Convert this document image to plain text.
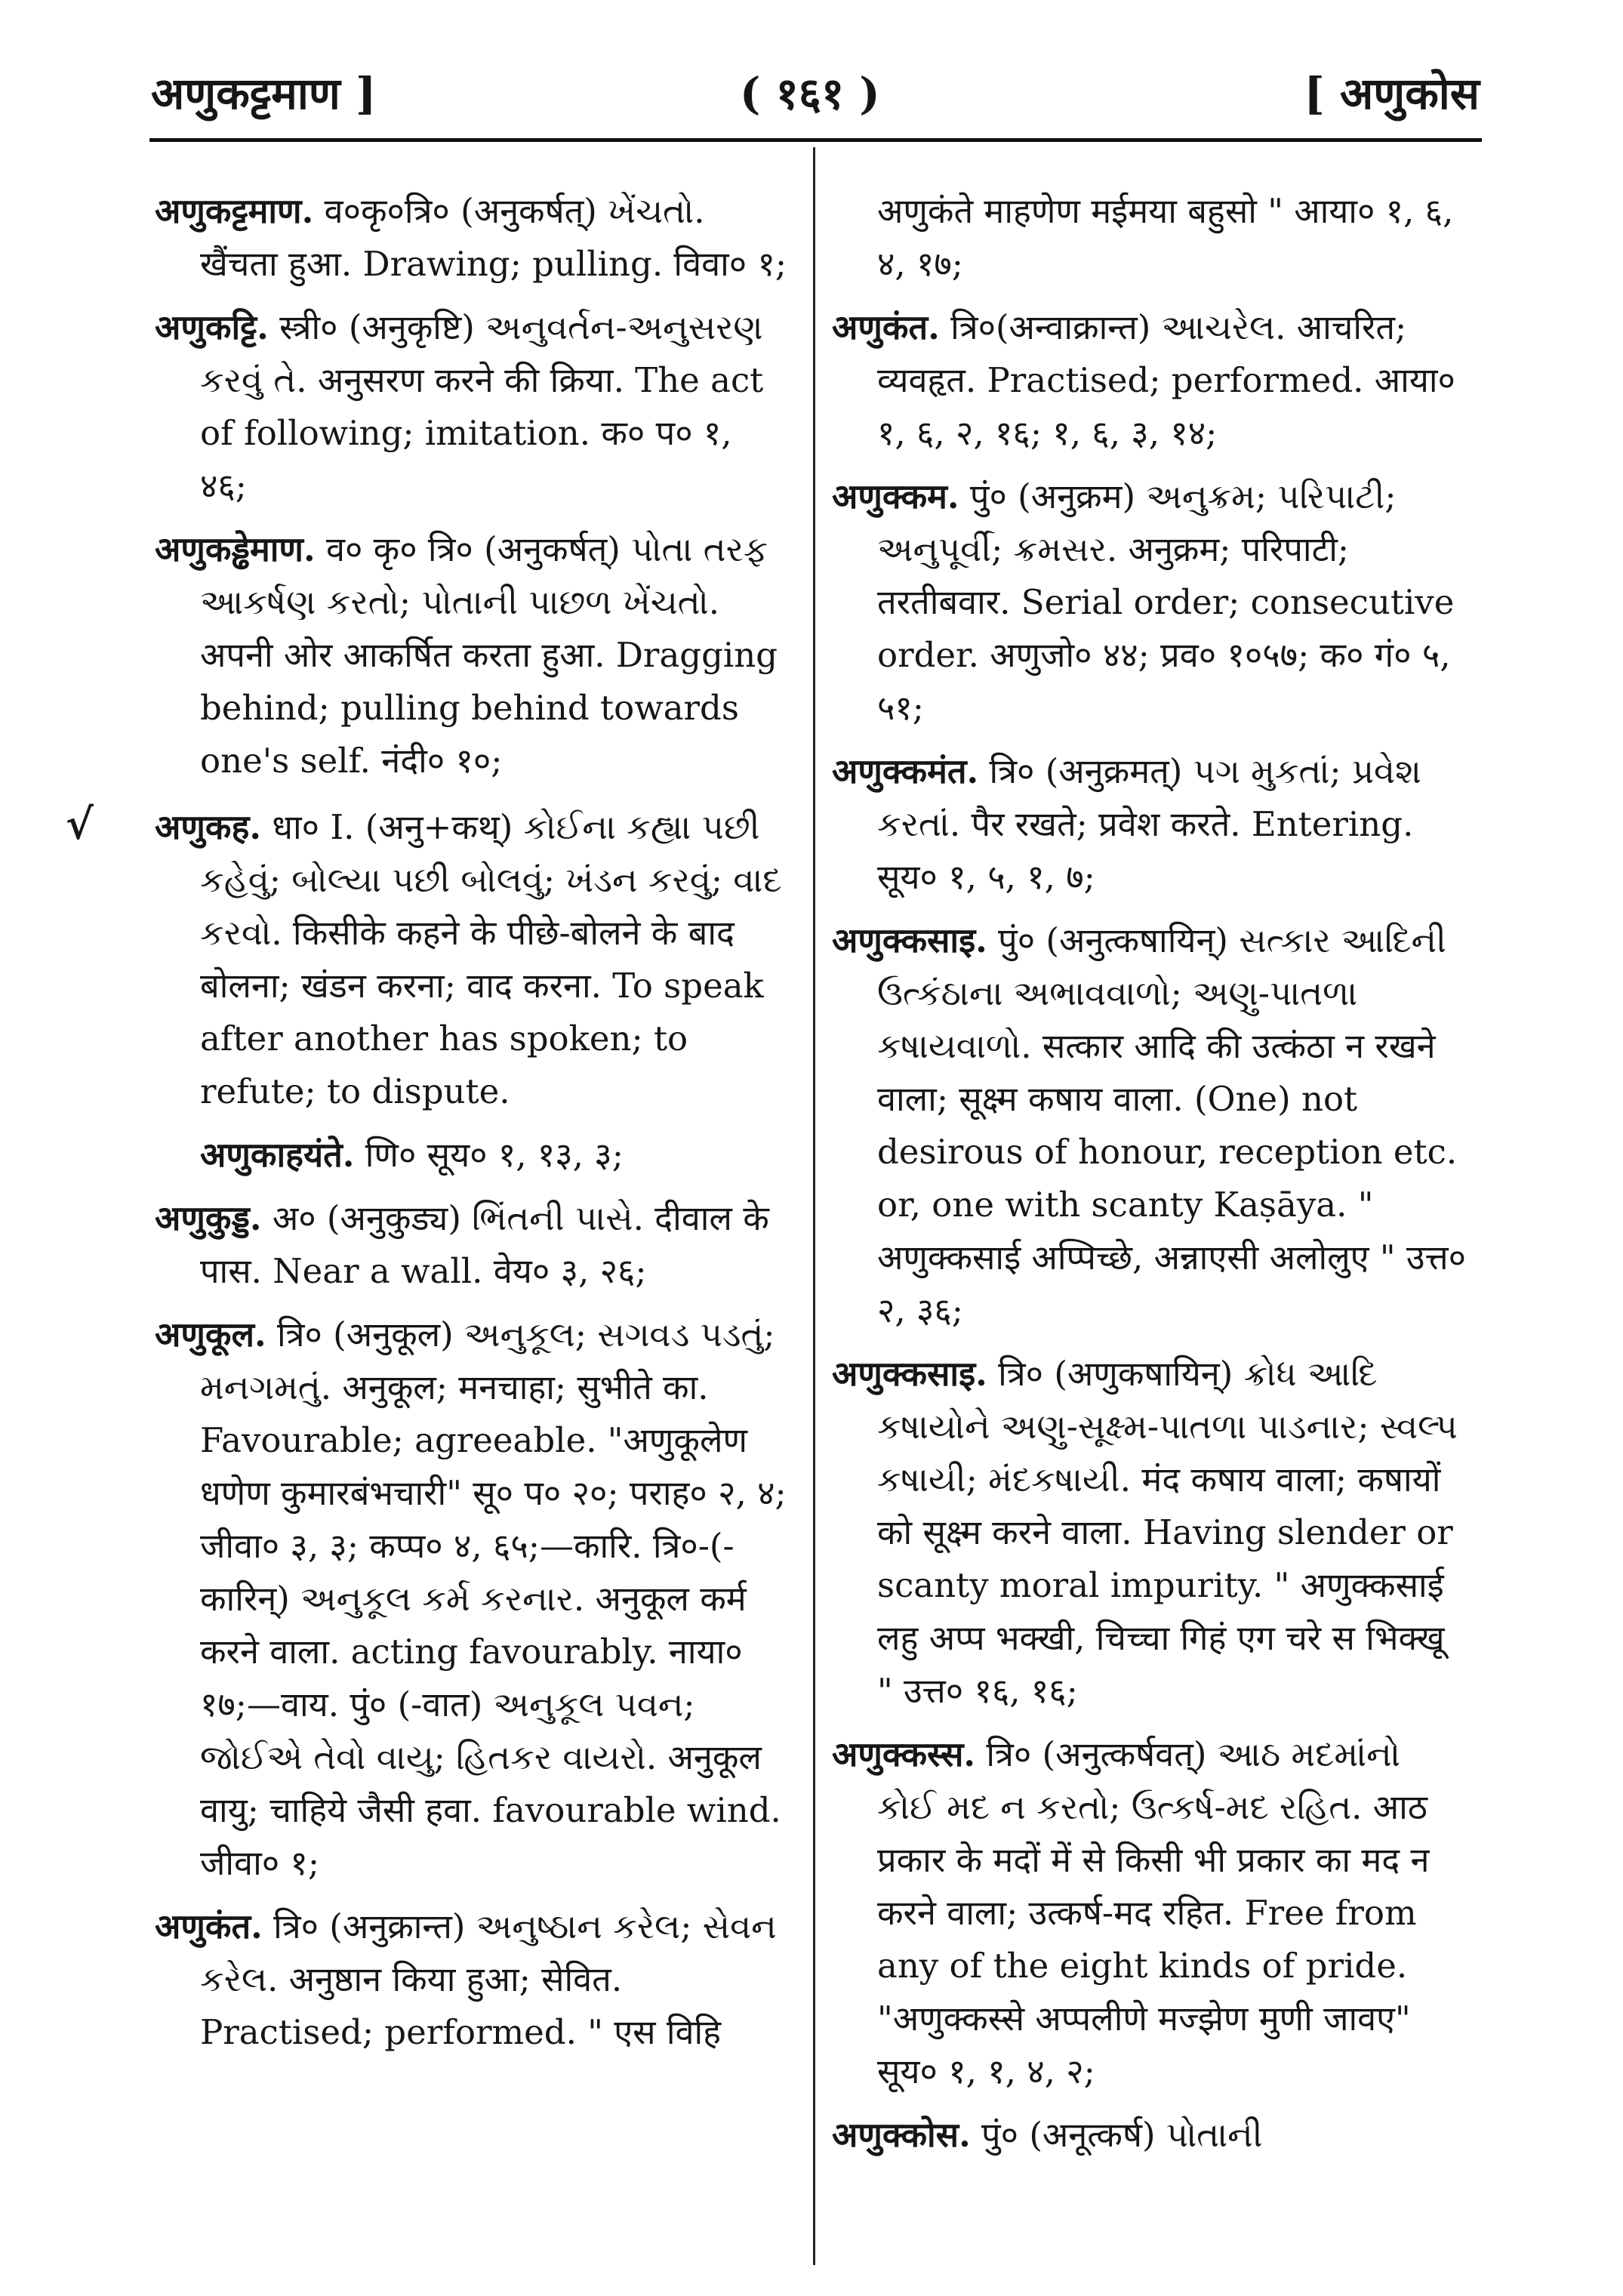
अणुकट्टमाण ]	( १६१ )	[ अणुकोस

अणुकट्टमाण. व०कृ०त्रि० (अनुकर्षत्) ખેંચતો. खैंचता हुआ. Drawing; pulling. विवा० १;

अणुकट्टि. स्त्री० (अनुकृष्टि) અનુવર્તન-અનુસરણ કરવું તે. अनुसरण करने की क्रिया. The act of following; imitation. क० प० १, ४६;

अणुकड्ढेमाण. व० कृ० त्रि० (अनुकर्षत्) પોતા તરફ આકર્ષણ કરતો; પોતાની પાછળ ખેંચતો. अपनी ओर आकर्षित करता हुआ. Dragging behind; pulling behind towards one's self. नंदी० १०;

√ अणुकह. धा० I. (अनु+कथ्) કોઈના કહ્યા પછી કહેવું; બોલ્યા પછી બોલવું; ખંડન કરવું; વાદ કરવો. किसीके कहने के पीछे-बोलने के बाद बोलना; खंडन करना; वाद करना. To speak after another has spoken; to refute; to dispute.

अणुकाहयंते. णि० सूय० १, १३, ३;

अणुकुड्ड. अ० (अनुकुड्य) ભિંતની પાસે. दीवाल के पास. Near a wall. वेय० ३, २६;

अणुकूल. त्रि० (अनुकूल) અનુકૂલ; સગવડ પડતું; મનગમતું. अनुकूल; मनचाहा; सुभीते का. Favourable; agreeable. "अणुकूलेण धणेण कुमारबंभचारी" सू० प० २०; पराह० २, ४; जीवा० ३, ३; कप्प० ४, ६५;—कारि. त्रि०-(-कारिन्) અનુકૂલ કર્મ કરનાર. अनुकूल कर्म करने वाला. acting favourably. नाया० १७;—वाय. पुं० (-वात) અનુકૂલ પવન; જોઈએ તેવો વાયુ; હિતકર વાયરો. अनुकूल वायु; चाहिये जैसी हवा. favourable wind. जीवा० १;

अणुकंत. त्रि० (अनुक्रान्त) અનુષ્ઠાન કરેલ; સેવન કરેલ. अनुष्ठान किया हुआ; सेवित. Practised; performed. " एस विहि

अणुकंते माहणेण मईमया बहुसो " आया० १, ६, ४, १७;

अणुकंत. त्रि०(अन्वाक्रान्त) આચરેલ. आचरित; व्यवहृत. Practised; performed. आया० १, ६, २, १६; १, ६, ३, १४;

अणुक्कम. पुं० (अनुक्रम) અનુક્રમ; પરિપાટી; અનુપૂર્વી; ક્રમસર. अनुक्रम; परिपाटी; तरतीबवार. Serial order; consecutive order. अणुजो० ४४; प्रव० १०५७; क० गं० ५, ५१;

अणुक्कमंत. त्रि० (अनुक्रमत्) પગ મુકતાં; પ્રવેશ કરતાં. पैर रखते; प्रवेश करते. Entering. सूय० १, ५, १, ७;

अणुक्कसाइ. पुं० (अनुत्कषायिन्) સત્કાર આદિની ઉત્કંઠાના અભાવવાળો; અણુ-પાતળા કષાયવાળો. सत्कार आदि की उत्कंठा न रखने वाला; सूक्ष्म कषाय वाला. (One) not desirous of honour, reception etc. or, one with scanty Kaṣāya. " अणुक्कसाई अप्पिच्छे, अन्नाएसी अलोलुए " उत्त० २, ३६;

अणुक्कसाइ. त्रि० (अणुकषायिन्) ક્રોધ આદિ કષાયોને અણુ-સૂક્ષ્મ-પાતળા પાડનાર; સ્વલ્પ કષાયી; મંદકષાયી. मंद कषाय वाला; कषायों को सूक्ष्म करने वाला. Having slender or scanty moral impurity. " अणुक्कसाई लहु अप्प भक्खी, चिच्चा गिहं एग चरे स भिक्खू " उत्त० १६, १६;

अणुक्कस्स. त्रि० (अनुत्कर्षवत्) આઠ મદમાંનો કોઈ મદ ન કરતો; ઉત્કર્ષ-મદ રહિત. आठ प्रकार के मदों में से किसी भी प्रकार का मद न करने वाला; उत्कर्ष-मद रहित. Free from any of the eight kinds of pride. "अणुक्कस्से अप्पलीणे मज्झेण मुणी जावए" सूय० १, १, ४, २;

अणुक्कोस. पुं० (अनूत्कर्ष) પોતાની
